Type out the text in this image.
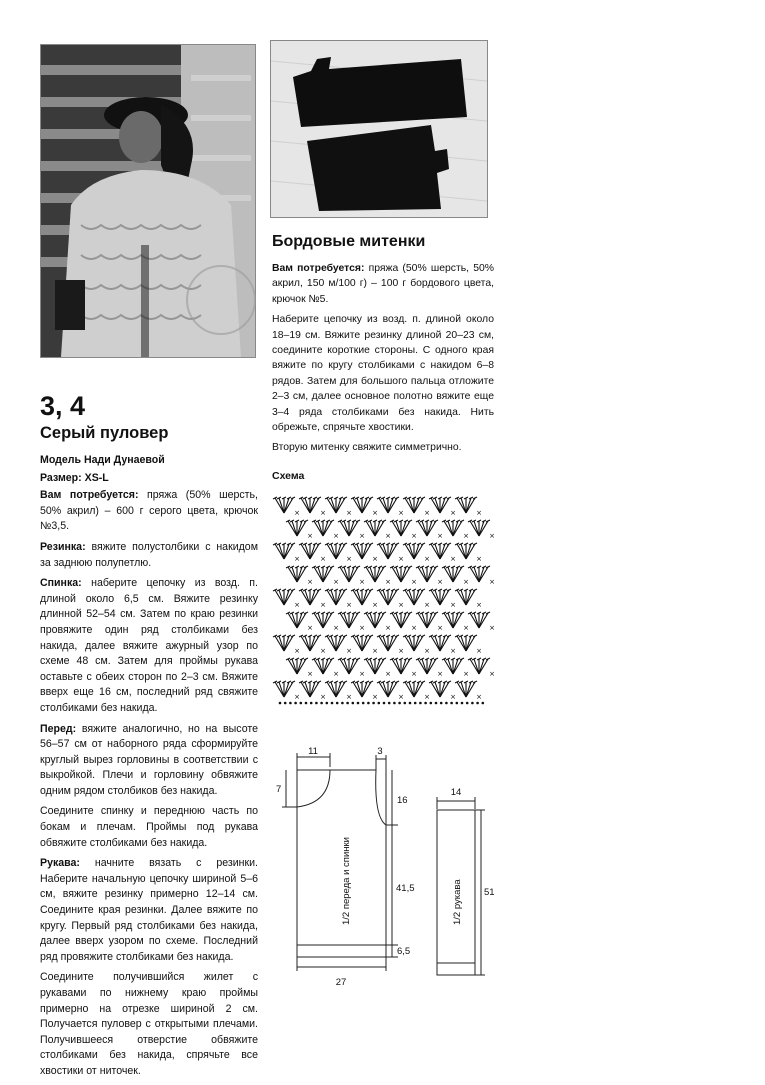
3, 4
Серый пуловер

Модель Нади Дунаевой

Размер: XS-L

Вам потребуется: пряжа (50% шерсть, 50% акрил) – 600 г серого цвета, крючок №3,5.

Резинка: вяжите полустолбики с накидом за заднюю полупетлю.

Спинка: наберите цепочку из возд. п. длиной около 6,5 см. Вяжите резинку длинной 52–54 см. Затем по краю резинки провяжите один ряд столбиками без накида, далее вяжите ажурный узор по схеме 48 см. Затем для проймы рукава оставьте с обеих сторон по 2–3 см. Вяжите вверх еще 16 см, последний ряд свяжите столбиками без накида.

Перед: вяжите аналогично, но на высоте 56–57 см от наборного ряда сформируйте круглый вырез горловины в соответствии с выкройкой. Плечи и горловину обвяжите одним рядом столбиков без накида.

Соедините спинку и переднюю часть по бокам и плечам. Проймы под рукава обвяжите столбиками без накида.

Рукава: начните вязать с резинки. Наберите начальную цепочку шириной 5–6 см, вяжите резинку примерно 12–14 см. Соедините края резинки. Далее вяжите по кругу. Первый ряд столбиками без накида, далее вверх узором по схеме. Последний ряд провяжите столбиками без накида.

Соедините получившийся жилет с рукавами по нижнему краю проймы примерно на отрезке шириной 2 см. Получается пуловер с открытыми плечами. Получившееся отверстие обвяжите столбиками без накида, спрячьте все хвостики от ниточек.

Бордовые митенки

Вам потребуется: пряжа (50% шерсть, 50% акрил, 150 м/100 г) – 100 г бордового цвета, крючок №5.

Наберите цепочку из возд. п. длиной около 18–19 см. Вяжите резинку длиной 20–23 см, соедините короткие стороны. С одного края вяжите по кругу столбиками с накидом 6–8 рядов. Затем для большого пальца отложите 2–3 см, далее основное полотно вяжите еще 3–4 ряда столбиками без накида. Нить обрежьте, спрячьте хвостики.

Вторую митенку свяжите симметрично.

Схема
×	×	×	×	×	×	×	×
×	×	×	×	×	×	×	×
×	×	×	×	×	×	×	×
×	×	×	×	×	×	×	×
×	×	×	×	×	×	×	×
×	×	×	×	×	×	×	×
×	×	×	×	×	×	×	×
×	×	×	×	×	×	×	×
×	×	×	×	×	×	×	×
11	3
7
16
41,5
6,5
27
14
51
1/2 переда и спинки	1/2 рукава
